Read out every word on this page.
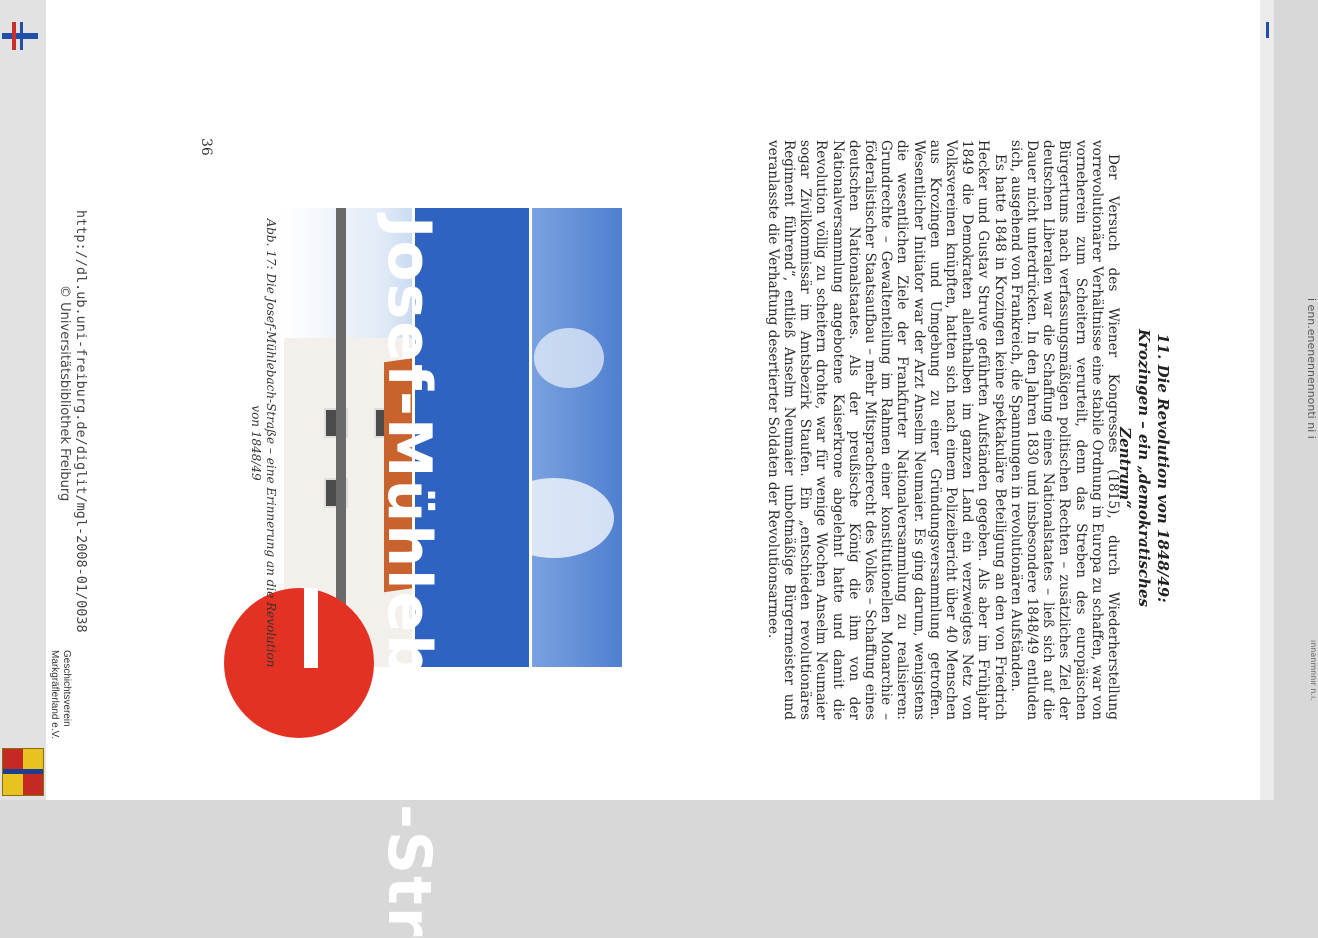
i enn.enenennennonti ni i
11. Die Revolution von 1848/49:
Krozingen – ein „demokratisches Zentrum“

Der Versuch des Wiener Kongresses (1815), durch Wiederherstellung vorrevolutionärer Verhältnisse eine stabile Ordnung in Europa zu schaffen, war von vorneherein zum Scheitern verurteilt, denn das Streben des europäischen Bürgertums nach verfassungsmäßigen politischen Rechten – zusätzliches Ziel der deutschen Liberalen war die Schaffung eines Nationalstaates – ließ sich auf die Dauer nicht unterdrücken. In den Jahren 1830 und insbesondere 1848/49 entluden sich, ausgehend von Frankreich, die Spannungen in revolutionären Aufständen.

Es hatte 1848 in Krozingen keine spektakuläre Beteiligung an den von Friedrich Hecker und Gustav Struve geführten Aufständen gegeben. Als aber im Frühjahr 1849 die Demokraten allenthalben im ganzen Land ein verzweigtes Netz von Volksvereinen knüpften, hatten sich nach einem Polizeibericht über 40 Menschen aus Krozingen und Umgebung zu einer Gründungsversammlung getroffen. Wesentlicher Initiator war der Arzt Anselm Neumaier. Es ging darum, wenigstens die wesentlichen Ziele der Frankfurter Nationalversammlung zu realisieren: Grundrechte – Gewaltenteilung im Rahmen einer konstitutionellen Monarchie – föderalistischer Staatsaufbau – mehr Mitspracherecht des Volkes – Schaffung eines deutschen Nationalstaates. Als der preußische König die ihm von der Nationalversammlung angebotene Kaiserkrone abgelehnt hatte und damit die Revolution völlig zu scheitern drohte, war für wenige Wochen Anselm Neumaier sogar Zivilkommissär im Amtsbezirk Staufen. Ein „entschieden revolutionäres Regiment führend“, entließ Anselm Neumaier unbotmäßige Bürgermeister und veranlasste die Verhaftung desertierter Soldaten der Revolutionsarmee.

Josef-Mühlebach-Str
Abb. 17: Die Josef-Mühlebach-Straße – eine Erinnerung an die Revolution
von 1848/49
36
http://dl.ub.uni-freiburg.de/diglit/mgl-2008-01/0038
© Universitätsbibliothek Freiburg
Geschichtsverein
Markgräflerland e.V.	ınnanmnnır n.ı.
